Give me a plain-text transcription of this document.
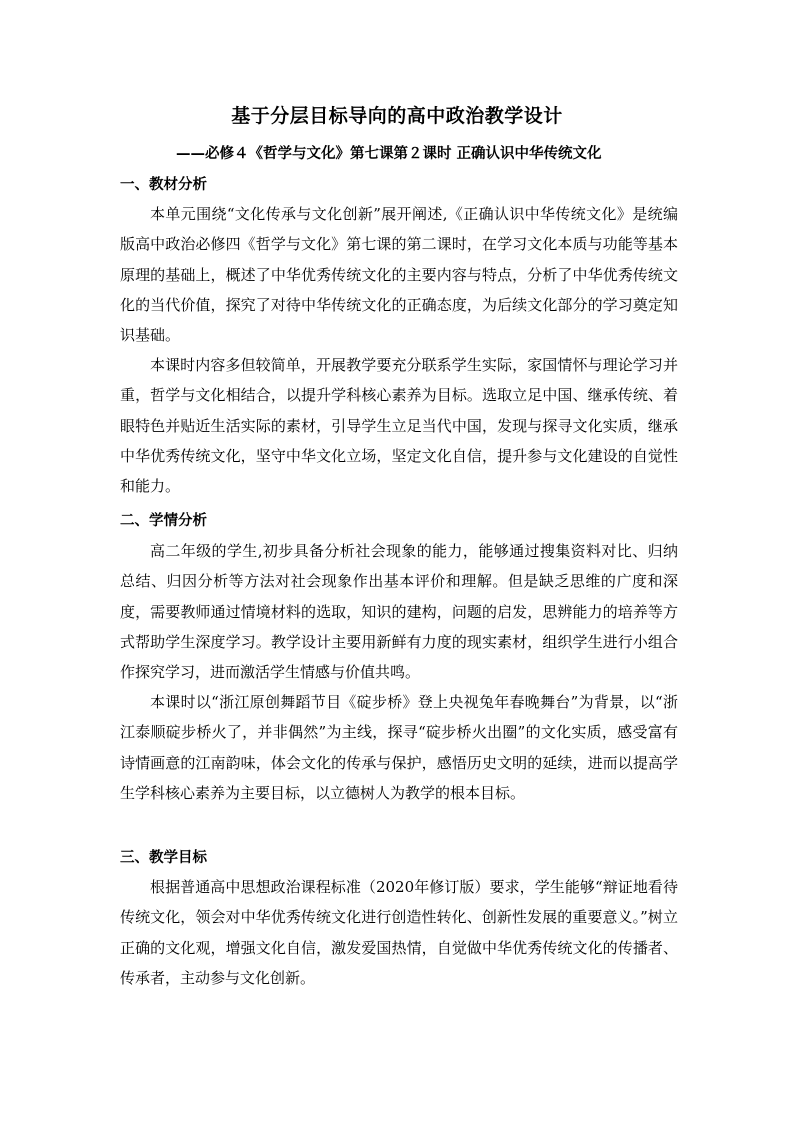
基于分层目标导向的高中政治教学设计
——必修４《哲学与文化》第七课第２课时 正确认识中华传统文化
一、教材分析

本单元围绕“文化传承与文化创新”展开阐述,《正确认识中华传统文化》是统编版高中政治必修四《哲学与文化》第七课的第二课时，在学习文化本质与功能等基本原理的基础上，概述了中华优秀传统文化的主要内容与特点，分析了中华优秀传统文化的当代价值，探究了对待中华传统文化的正确态度，为后续文化部分的学习奠定知识基础。

本课时内容多但较简单，开展教学要充分联系学生实际，家国情怀与理论学习并重，哲学与文化相结合，以提升学科核心素养为目标。选取立足中国、继承传统、着眼特色并贴近生活实际的素材，引导学生立足当代中国，发现与探寻文化实质，继承中华优秀传统文化，坚守中华文化立场，坚定文化自信，提升参与文化建设的自觉性和能力。

二、学情分析

高二年级的学生,初步具备分析社会现象的能力，能够通过搜集资料对比、归纳总结、归因分析等方法对社会现象作出基本评价和理解。但是缺乏思维的广度和深度，需要教师通过情境材料的选取，知识的建构，问题的启发，思辨能力的培养等方式帮助学生深度学习。教学设计主要用新鲜有力度的现实素材，组织学生进行小组合作探究学习，进而激活学生情感与价值共鸣。

本课时以“浙江原创舞蹈节目《碇步桥》登上央视兔年春晚舞台”为背景，以“浙江泰顺碇步桥火了，并非偶然”为主线，探寻“碇步桥火出圈”的文化实质，感受富有诗情画意的江南韵味，体会文化的传承与保护，感悟历史文明的延续，进而以提高学生学科核心素养为主要目标，以立德树人为教学的根本目标。

三、教学目标

根据普通高中思想政治课程标准（2020年修订版）要求，学生能够“辩证地看待传统文化，领会对中华优秀传统文化进行创造性转化、创新性发展的重要意义。”树立正确的文化观，增强文化自信，激发爱国热情，自觉做中华优秀传统文化的传播者、传承者，主动参与文化创新。
